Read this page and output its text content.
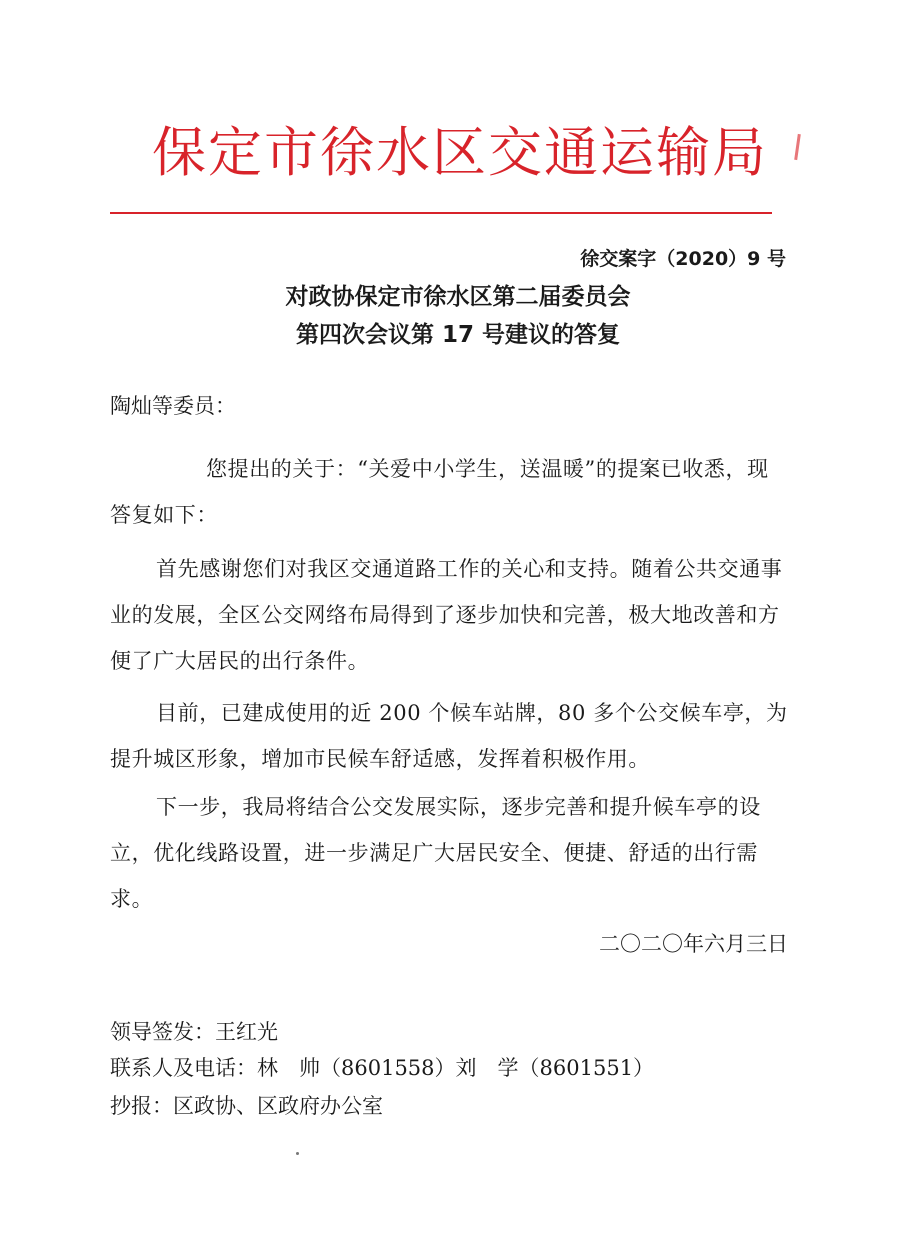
保定市徐水区交通运输局
徐交案字（2020）9 号
对政协保定市徐水区第二届委员会
第四次会议第 17 号建议的答复
陶灿等委员：
您提出的关于：“关爱中小学生，送温暖”的提案已收悉，现答复如下：
首先感谢您们对我区交通道路工作的关心和支持。随着公共交通事业的发展，全区公交网络布局得到了逐步加快和完善，极大地改善和方便了广大居民的出行条件。
目前，已建成使用的近 200 个候车站牌，80 多个公交候车亭，为提升城区形象，增加市民候车舒适感，发挥着积极作用。
下一步，我局将结合公交发展实际，逐步完善和提升候车亭的设立，优化线路设置，进一步满足广大居民安全、便捷、舒适的出行需求。
二〇二〇年六月三日
领导签发：王红光
联系人及电话：林　帅（8601558）刘　学（8601551）
抄报：区政协、区政府办公室
